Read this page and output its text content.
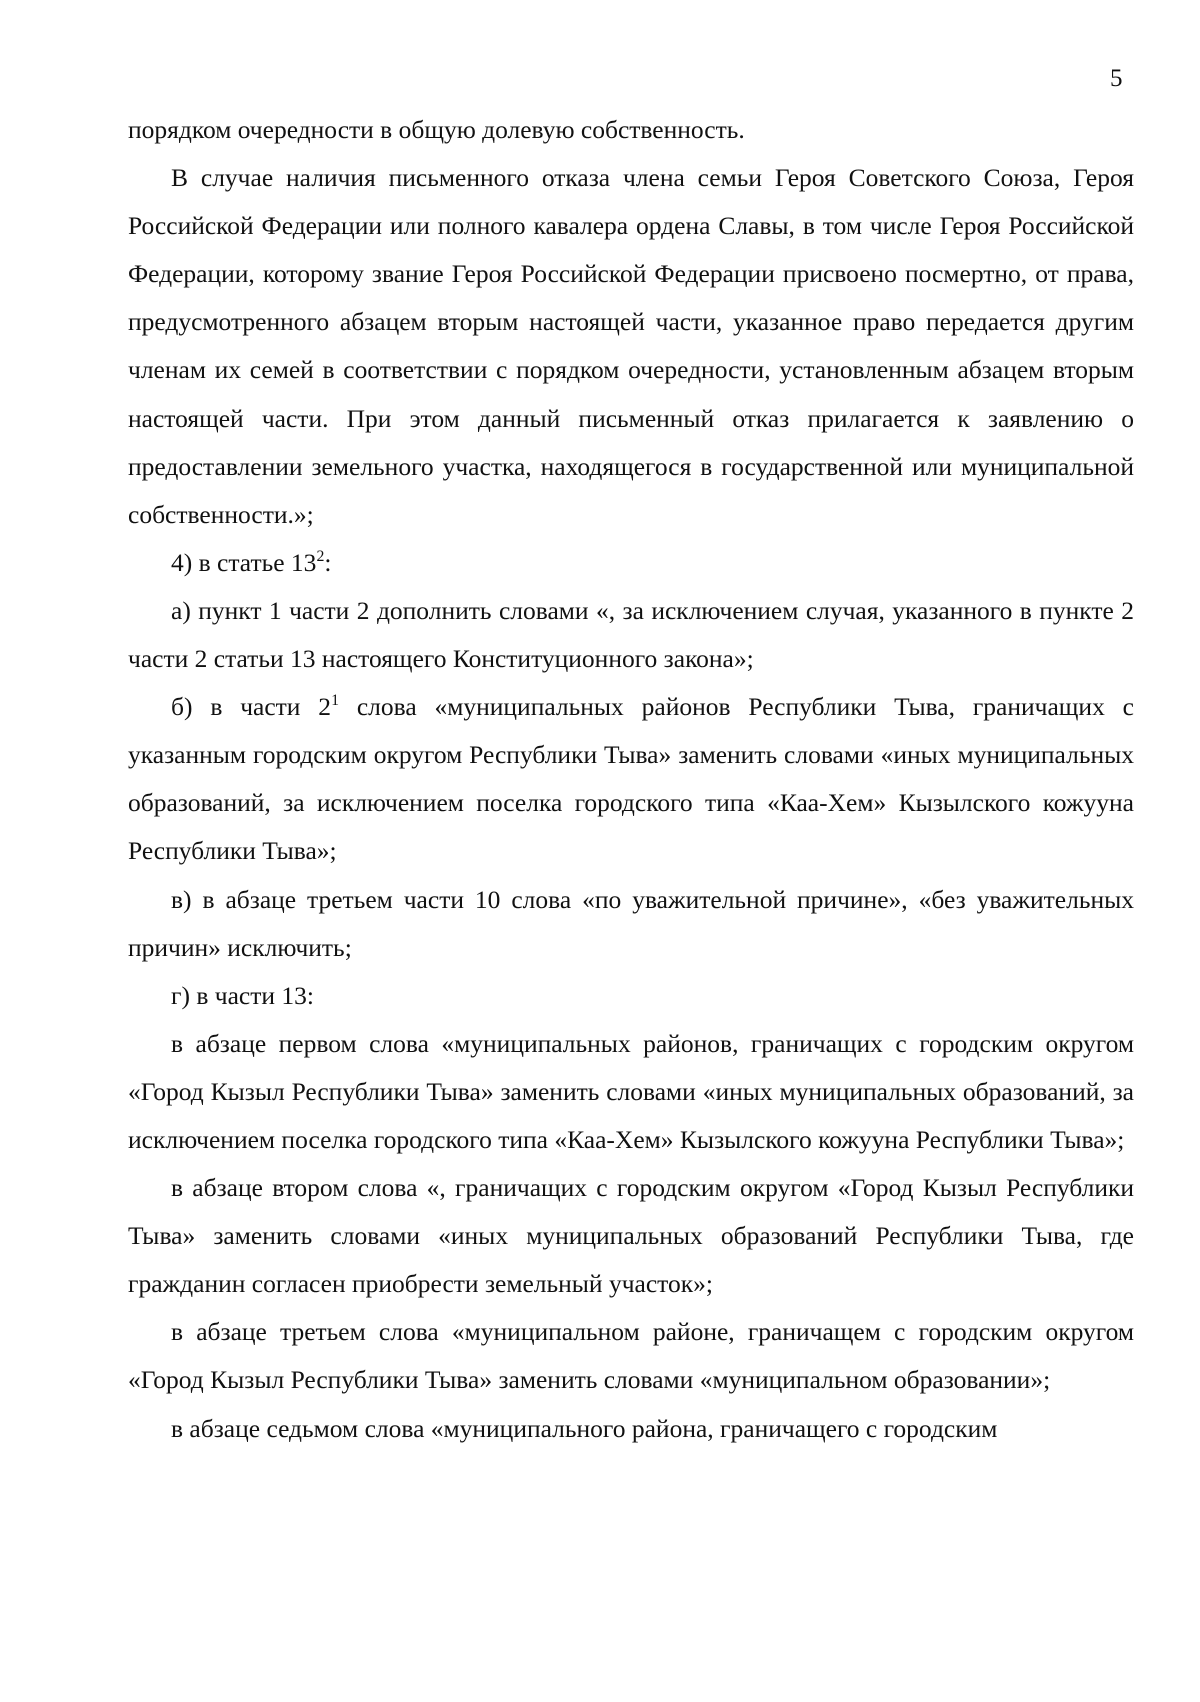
5

порядком очередности в общую долевую собственность.

В случае наличия письменного отказа члена семьи Героя Советского Союза, Героя Российской Федерации или полного кавалера ордена Славы, в том числе Героя Российской Федерации, которому звание Героя Российской Федерации присвоено посмертно, от права, предусмотренного абзацем вторым настоящей части, указанное право передается другим членам их семей в соответствии с порядком очередности, установленным абзацем вторым настоящей части. При этом данный письменный отказ прилагается к заявлению о предоставлении земельного участка, находящегося в государственной или муниципальной собственности.»;

4) в статье $13^2$:

а) пункт 1 части 2 дополнить словами «, за исключением случая, указанного в пункте 2 части 2 статьи 13 настоящего Конституционного закона»;

б) в части $2^1$ слова «муниципальных районов Республики Тыва, граничащих с указанным городским округом Республики Тыва» заменить словами «иных муниципальных образований, за исключением поселка городского типа «Каа-Хем» Кызылского кожууна Республики Тыва»;

в) в абзаце третьем части 10 слова «по уважительной причине», «без уважительных причин» исключить;

г) в части 13:

в абзаце первом слова «муниципальных районов, граничащих с городским округом «Город Кызыл Республики Тыва» заменить словами «иных муниципальных образований, за исключением поселка городского типа «Каа-Хем» Кызылского кожууна Республики Тыва»;

в абзаце втором слова «, граничащих с городским округом «Город Кызыл Республики Тыва» заменить словами «иных муниципальных образований Республики Тыва, где гражданин согласен приобрести земельный участок»;

в абзаце третьем слова «муниципальном районе, граничащем с городским округом «Город Кызыл Республики Тыва» заменить словами «муниципальном образовании»;

в абзаце седьмом слова «муниципального района, граничащего с городским
